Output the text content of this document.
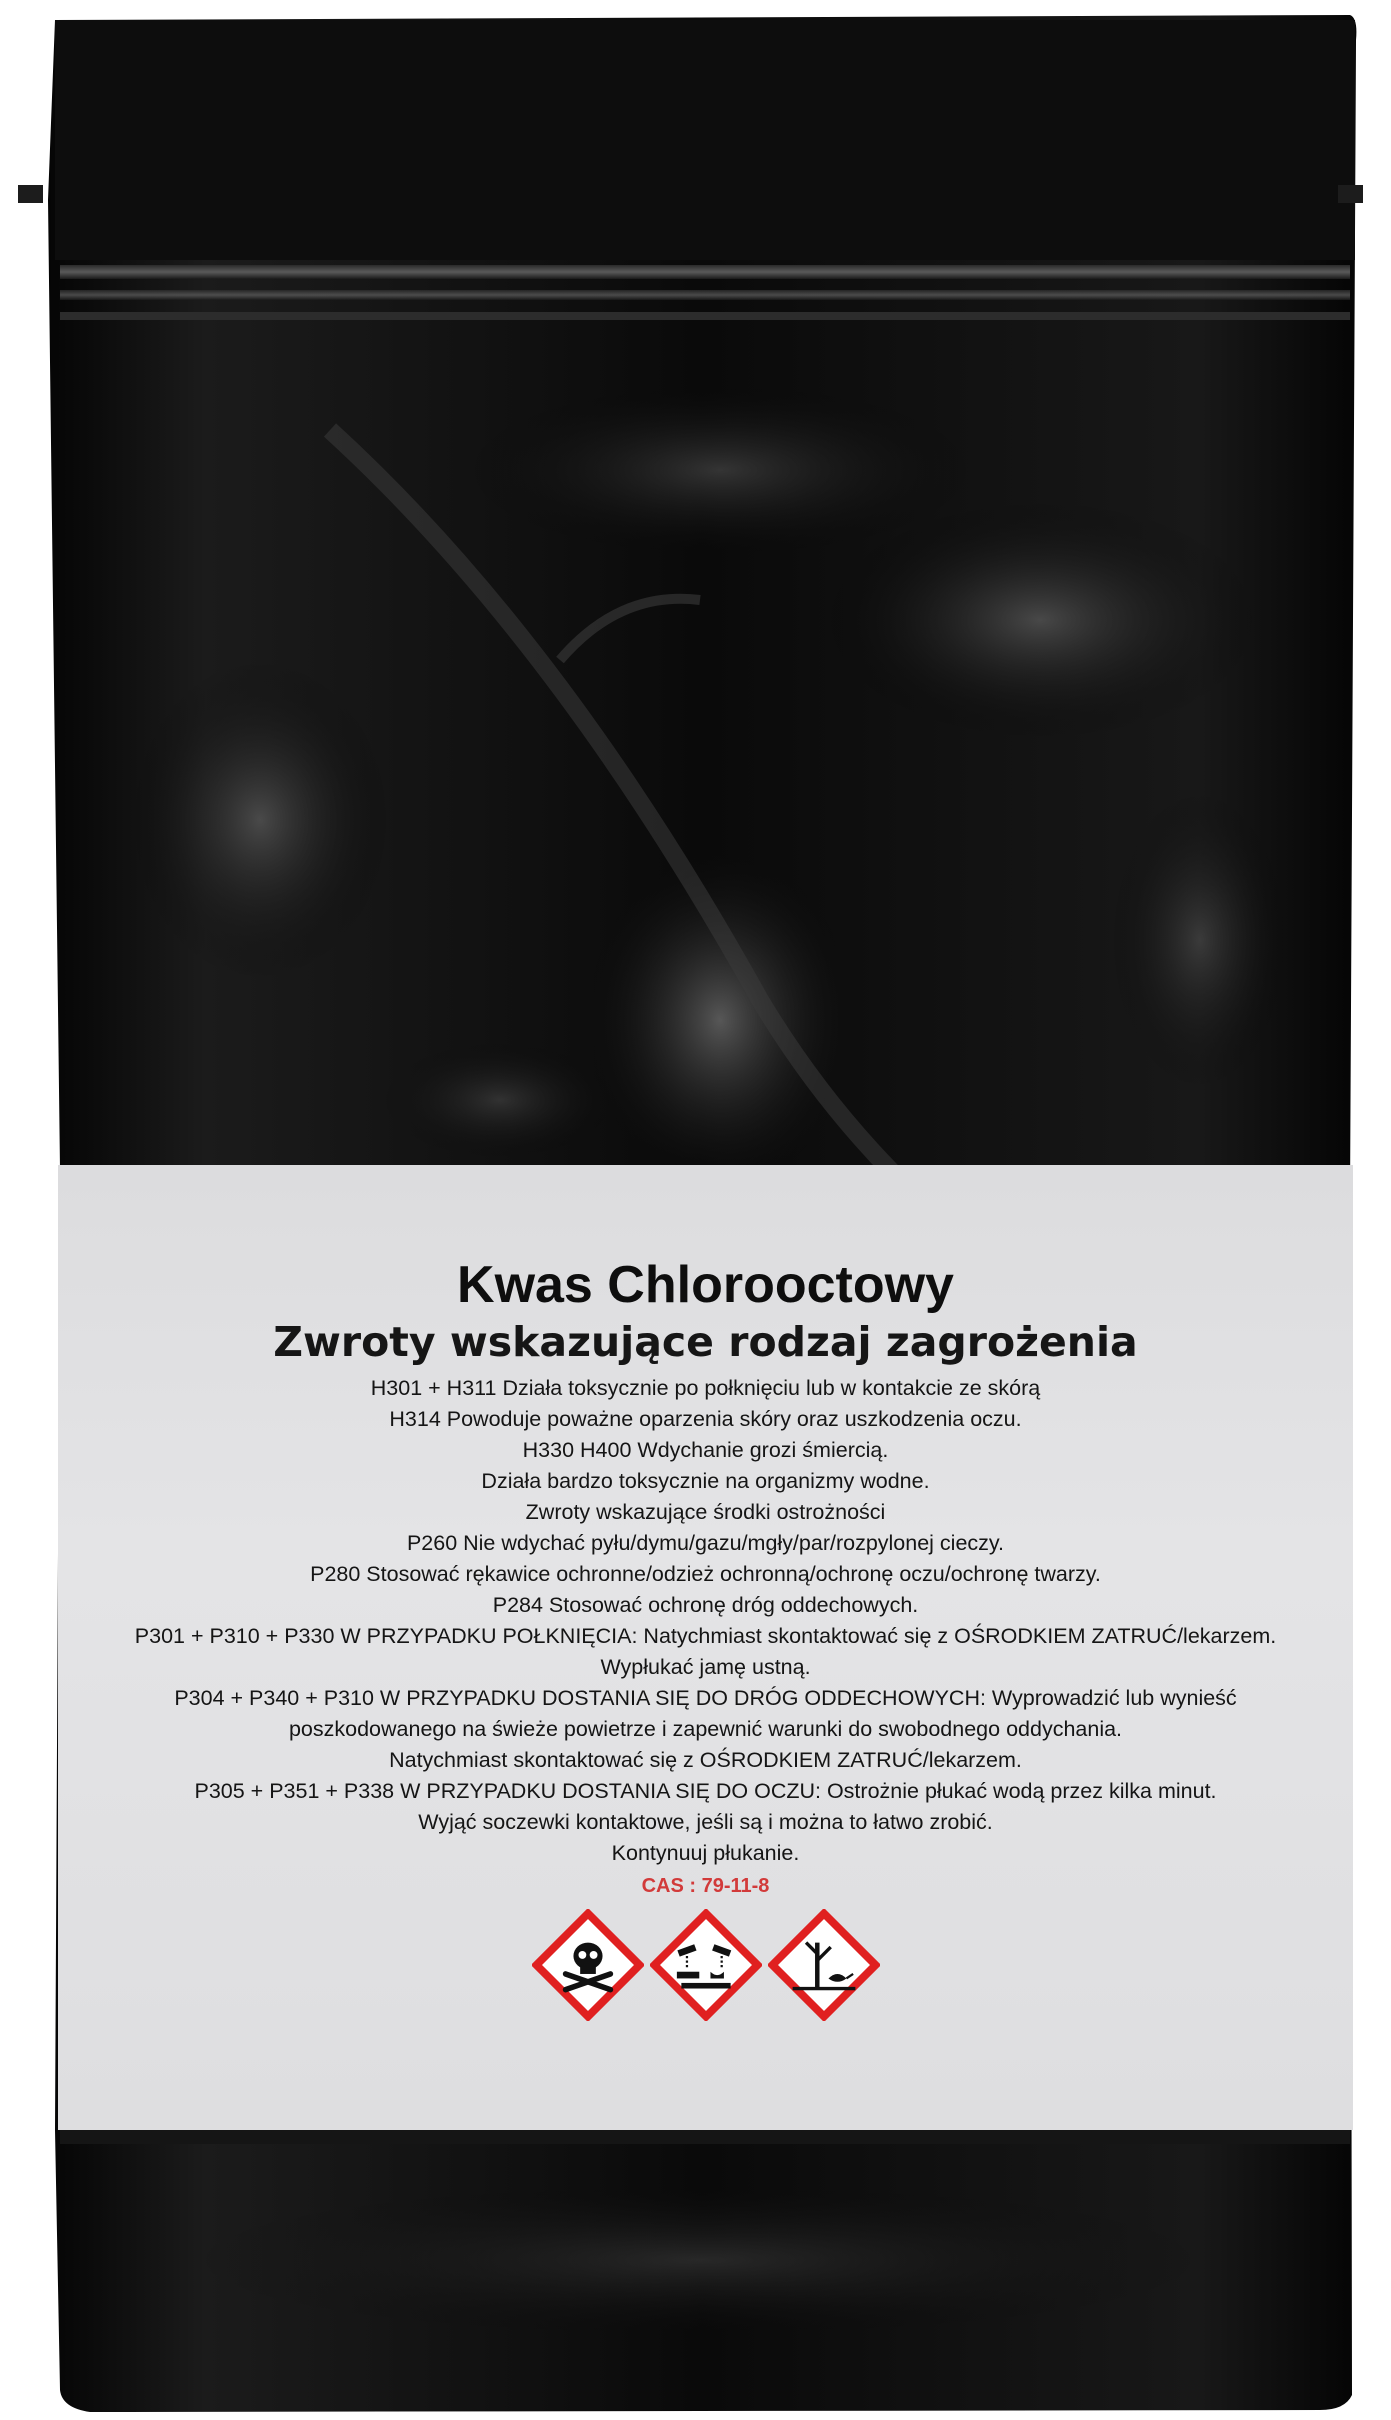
Kwas Chlorooctowy
Zwroty wskazujące rodzaj zagrożenia
H301 + H311 Działa toksycznie po połknięciu lub w kontakcie ze skórą
H314 Powoduje poważne oparzenia skóry oraz uszkodzenia oczu.
H330 H400 Wdychanie grozi śmiercią.
Działa bardzo toksycznie na organizmy wodne.
Zwroty wskazujące środki ostrożności
P260 Nie wdychać pyłu/dymu/gazu/mgły/par/rozpylonej cieczy.
P280 Stosować rękawice ochronne/odzież ochronną/ochronę oczu/ochronę twarzy.
P284 Stosować ochronę dróg oddechowych.
P301 + P310 + P330 W PRZYPADKU POŁKNIĘCIA: Natychmiast skontaktować się z OŚRODKIEM ZATRUĆ/lekarzem.
Wypłukać jamę ustną.
P304 + P340 + P310 W PRZYPADKU DOSTANIA SIĘ DO DRÓG ODDECHOWYCH: Wyprowadzić lub wynieść poszkodowanego na świeże powietrze i zapewnić warunki do swobodnego oddychania.
Natychmiast skontaktować się z OŚRODKIEM ZATRUĆ/lekarzem.
P305 + P351 + P338 W PRZYPADKU DOSTANIA SIĘ DO OCZU: Ostrożnie płukać wodą przez kilka minut.
Wyjąć soczewki kontaktowe, jeśli są i można to łatwo zrobić.
Kontynuuj płukanie.
CAS : 79-11-8
